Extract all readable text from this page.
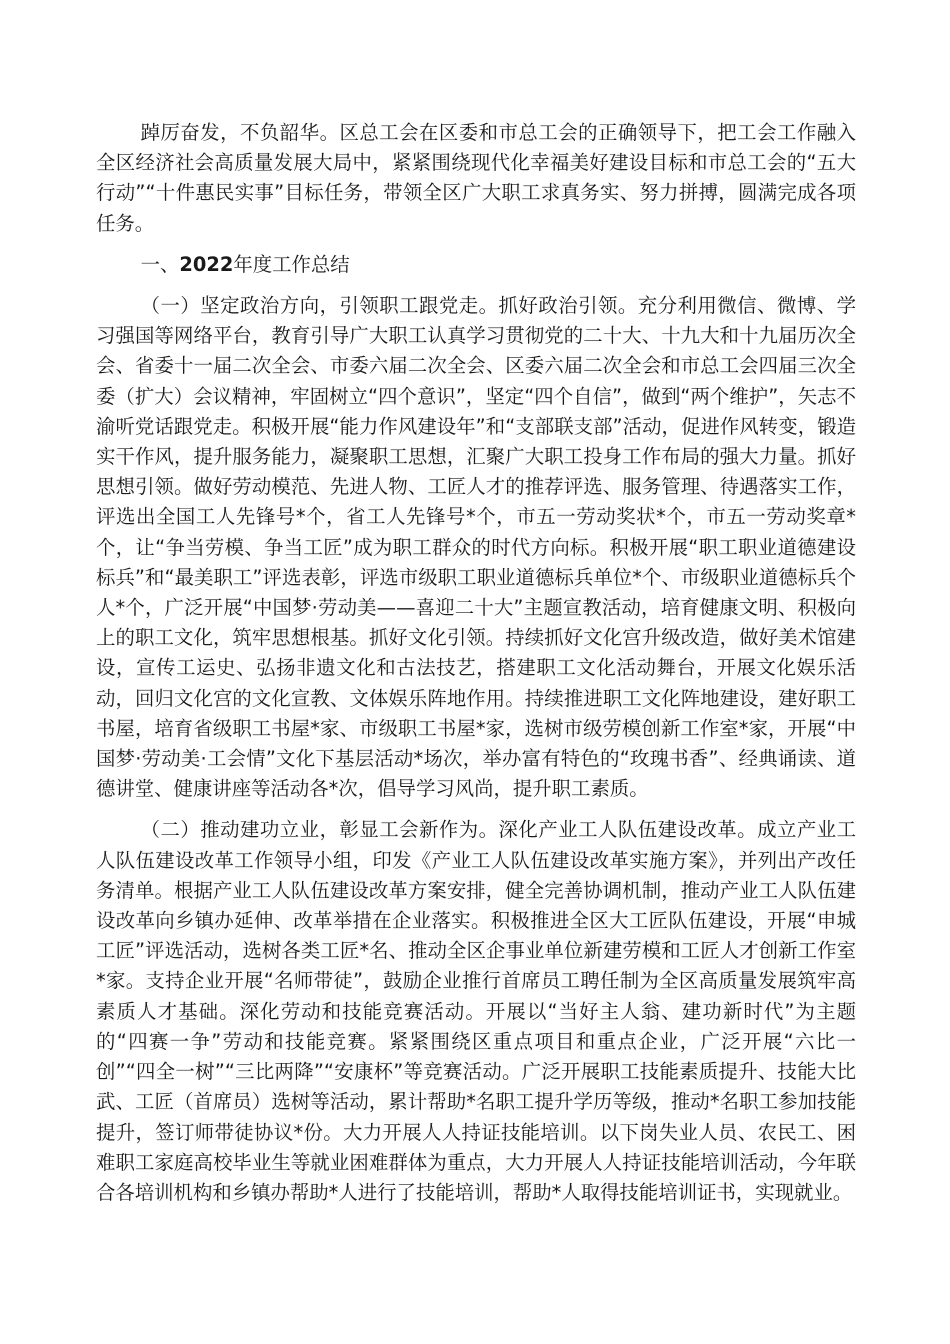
踔厉奋发，不负韶华。区总工会在区委和市总工会的正确领导下，把工会工作融入全区经济社会高质量发展大局中，紧紧围绕现代化幸福美好建设目标和市总工会的“五大行动”“十件惠民实事”目标任务，带领全区广大职工求真务实、努力拼搏，圆满完成各项任务。

一、2022年度工作总结

（一）坚定政治方向，引领职工跟党走。抓好政治引领。充分利用微信、微博、学习强国等网络平台，教育引导广大职工认真学习贯彻党的二十大、十九大和十九届历次全会、省委十一届二次全会、市委六届二次全会、区委六届二次全会和市总工会四届三次全委（扩大）会议精神，牢固树立“四个意识”，坚定“四个自信”，做到“两个维护”，矢志不渝听党话跟党走。积极开展“能力作风建设年”和“支部联支部”活动，促进作风转变，锻造实干作风，提升服务能力，凝聚职工思想，汇聚广大职工投身工作布局的强大力量。抓好思想引领。做好劳动模范、先进人物、工匠人才的推荐评选、服务管理、待遇落实工作，评选出全国工人先锋号*个，省工人先锋号*个，市五一劳动奖状*个，市五一劳动奖章*个，让“争当劳模、争当工匠”成为职工群众的时代方向标。积极开展“职工职业道德建设标兵”和“最美职工”评选表彰，评选市级职工职业道德标兵单位*个、市级职业道德标兵个人*个，广泛开展“中国梦·劳动美——喜迎二十大”主题宣教活动，培育健康文明、积极向上的职工文化，筑牢思想根基。抓好文化引领。持续抓好文化宫升级改造，做好美术馆建设，宣传工运史、弘扬非遗文化和古法技艺，搭建职工文化活动舞台，开展文化娱乐活动，回归文化宫的文化宣教、文体娱乐阵地作用。持续推进职工文化阵地建设，建好职工书屋，培育省级职工书屋*家、市级职工书屋*家，选树市级劳模创新工作室*家，开展“中国梦·劳动美·工会情”文化下基层活动*场次，举办富有特色的“玫瑰书香”、经典诵读、道德讲堂、健康讲座等活动各*次，倡导学习风尚，提升职工素质。

（二）推动建功立业，彰显工会新作为。深化产业工人队伍建设改革。成立产业工人队伍建设改革工作领导小组，印发《产业工人队伍建设改革实施方案》，并列出产改任务清单。根据产业工人队伍建设改革方案安排，健全完善协调机制，推动产业工人队伍建设改革向乡镇办延伸、改革举措在企业落实。积极推进全区大工匠队伍建设，开展“申城工匠”评选活动，选树各类工匠*名、推动全区企事业单位新建劳模和工匠人才创新工作室*家。支持企业开展“名师带徒”，鼓励企业推行首席员工聘任制为全区高质量发展筑牢高素质人才基础。深化劳动和技能竞赛活动。开展以“当好主人翁、建功新时代”为主题的“四赛一争”劳动和技能竞赛。紧紧围绕区重点项目和重点企业，广泛开展“六比一创”“四全一树”“三比两降”“安康杯”等竞赛活动。广泛开展职工技能素质提升、技能大比武、工匠（首席员）选树等活动，累计帮助*名职工提升学历等级，推动*名职工参加技能提升，签订师带徒协议*份。大力开展人人持证技能培训。以下岗失业人员、农民工、困难职工家庭高校毕业生等就业困难群体为重点，大力开展人人持证技能培训活动，今年联合各培训机构和乡镇办帮助*人进行了技能培训，帮助*人取得技能培训证书，实现就业。
